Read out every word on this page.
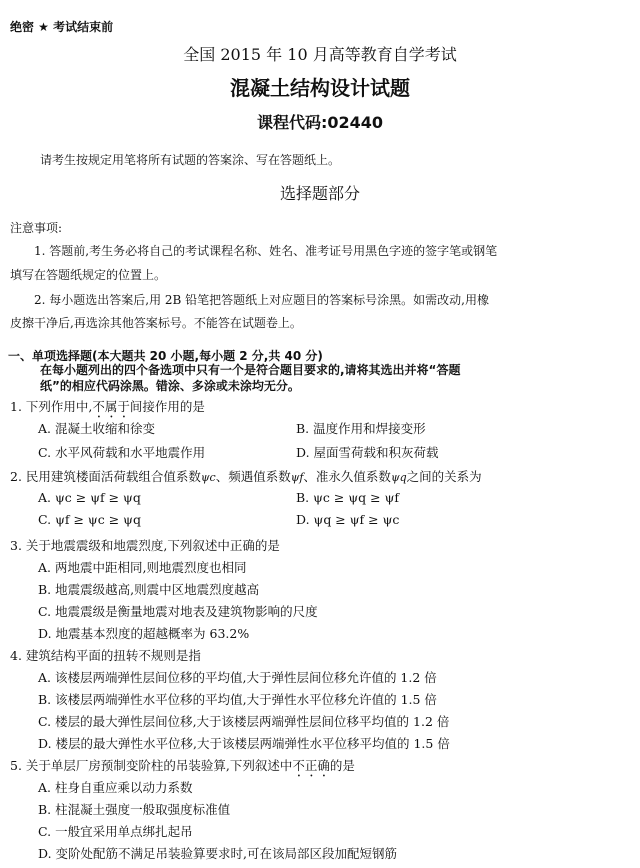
绝密 ★ 考试结束前
全国 2015 年 10 月高等教育自学考试
混凝土结构设计试题
课程代码:02440
请考生按规定用笔将所有试题的答案涂、写在答题纸上。
选择题部分
注意事项:
1. 答题前,考生务必将自己的考试课程名称、姓名、准考证号用黑色字迹的签字笔或钢笔
填写在答题纸规定的位置上。
2. 每小题选出答案后,用 2B 铅笔把答题纸上对应题目的答案标号涂黑。如需改动,用橡
皮擦干净后,再选涂其他答案标号。不能答在试题卷上。
一、单项选择题(本大题共 20 小题,每小题 2 分,共 40 分)
在每小题列出的四个备选项中只有一个是符合题目要求的,请将其选出并将“答题
纸”的相应代码涂黑。错涂、多涂或未涂均无分。
1. 下列作用中,不属于间接作用的是
A. 混凝土收缩和徐变	B. 温度作用和焊接变形
C. 水平风荷载和水平地震作用	D. 屋面雪荷载和积灰荷载
2. 民用建筑楼面活荷载组合值系数ψc、频遇值系数ψf、准永久值系数ψq之间的关系为
A. ψc ≥ ψf ≥ ψq	B. ψc ≥ ψq ≥ ψf
C. ψf ≥ ψc ≥ ψq	D. ψq ≥ ψf ≥ ψc
3. 关于地震震级和地震烈度,下列叙述中正确的是
A. 两地震中距相同,则地震烈度也相同
B. 地震震级越高,则震中区地震烈度越高
C. 地震震级是衡量地震对地表及建筑物影响的尺度
D. 地震基本烈度的超越概率为 63.2%
4. 建筑结构平面的扭转不规则是指
A. 该楼层两端弹性层间位移的平均值,大于弹性层间位移允许值的 1.2 倍
B. 该楼层两端弹性水平位移的平均值,大于弹性水平位移允许值的 1.5 倍
C. 楼层的最大弹性层间位移,大于该楼层两端弹性层间位移平均值的 1.2 倍
D. 楼层的最大弹性水平位移,大于该楼层两端弹性水平位移平均值的 1.5 倍
5. 关于单层厂房预制变阶柱的吊装验算,下列叙述中不正确的是
A. 柱身自重应乘以动力系数
B. 柱混凝土强度一般取强度标准值
C. 一般宜采用单点绑扎起吊
D. 变阶处配筋不满足吊装验算要求时,可在该局部区段加配短钢筋
